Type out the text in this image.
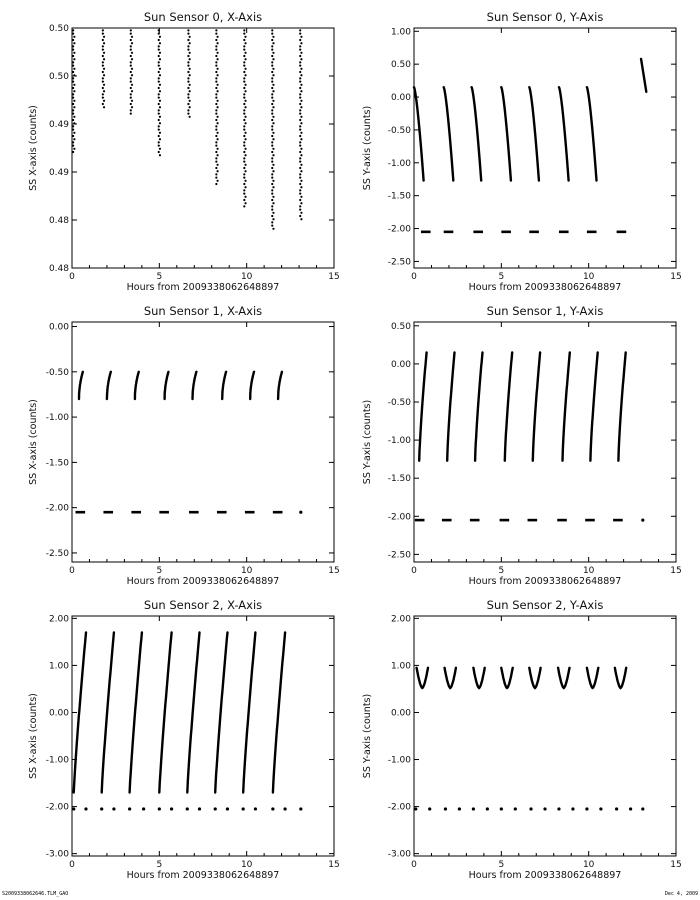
Sun Sensor 0, X-Axis
Hours from 2009338062648897
SS X-axis (counts)
Sun Sensor 0, Y-Axis
Hours from 2009338062648897
SS Y-axis (counts)
Sun Sensor 1, X-Axis
Hours from 2009338062648897
SS X-axis (counts)
Sun Sensor 1, Y-Axis
Hours from 2009338062648897
SS Y-axis (counts)
Sun Sensor 2, X-Axis
Hours from 2009338062648897
SS X-axis (counts)
Sun Sensor 2, Y-Axis
Hours from 2009338062648897
SS Y-axis (counts)
0	5	10	15
0.48
0.48
0.49
0.49
0.50
0.50
0	5	10	15
-2.50
-2.00
-1.50
-1.00
-0.50
0.00
0.50
1.00
0	5	10	15
-2.50
-2.00
-1.50
-1.00
-0.50
0.00
0	5	10	15
-2.50
-2.00
-1.50
-1.00
-0.50
0.00
0.50
0	5	10	15
-3.00
-2.00
-1.00
0.00
1.00
2.00
0	5	10	15
-3.00
-2.00
-1.00
0.00
1.00
2.00
S2009338062646.TLM_GAO	Dec 4, 2009
